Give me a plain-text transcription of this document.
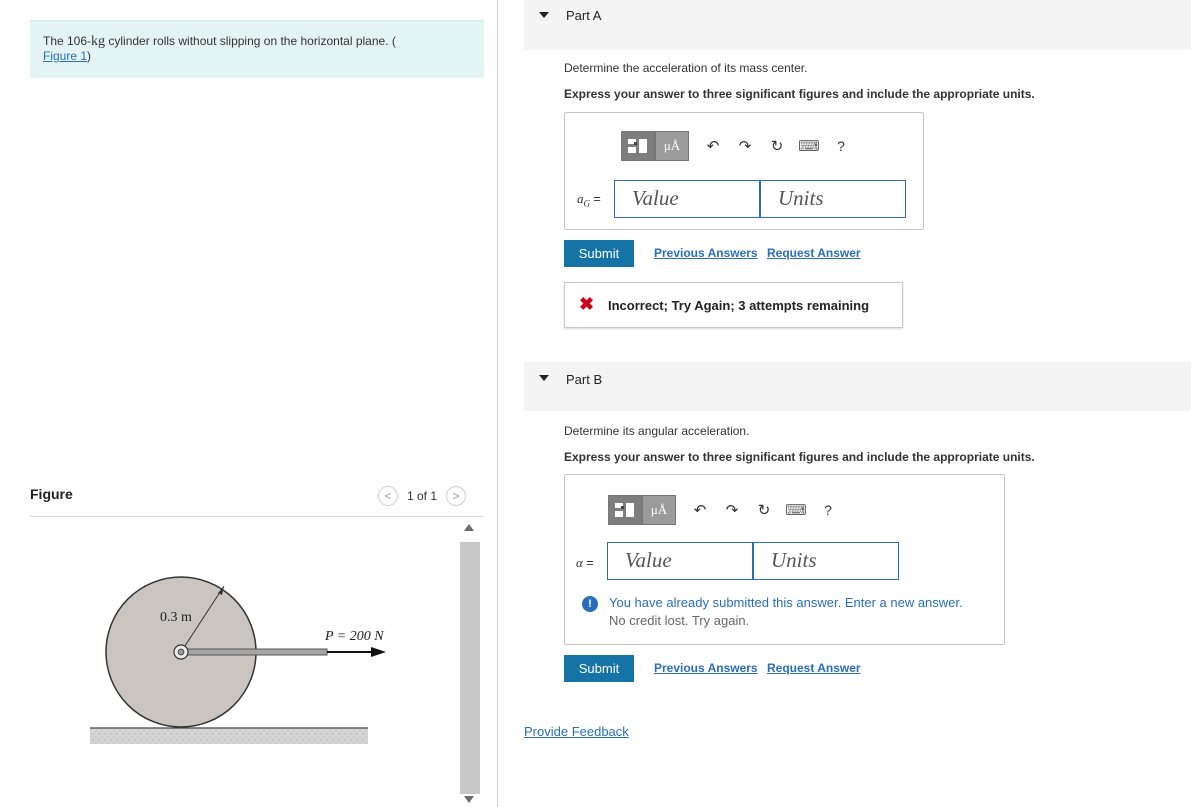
The 106-kg cylinder rolls without slipping on the horizontal plane. (
Figure 1)
Figure	< 1 of 1 >
0.3 m
P = 200 N
Part A
Determine the acceleration of its mass center.
Express your answer to three significant figures and include the appropriate units.
μÅ	↶	↷	↻ ⌨	?
$a_G$ =	Value	Units
Submit	Previous Answers Request Answer
✖ Incorrect; Try Again; 3 attempts remaining
Part B
Determine its angular acceleration.
Express your answer to three significant figures and include the appropriate units.
μÅ	↶	↷	↻ ⌨	?
α =	Value	Units
!	You have already submitted this answer. Enter a new answer.
No credit lost. Try again.
Submit	Previous Answers Request Answer
Provide Feedback
